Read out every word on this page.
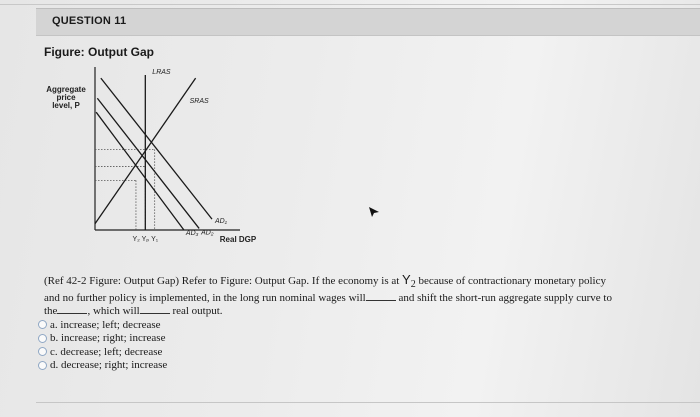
QUESTION 11
Figure: Output Gap
LRAS
SRAS
AD₁
AD₂
AD₃
Aggregate
price
level, P
Y₂ Yₚ Y₁	Real DGP
(Ref 42-2 Figure: Output Gap) Refer to Figure: Output Gap. If the economy is at $Y_2$ because of contractionary monetary policy
and no further policy is implemented, in the long run nominal wages will	and shift the short-run aggregate supply curve to
the	, which will	real output.
a. increase; left; decrease
b. increase; right; increase
c. decrease; left; decrease
d. decrease; right; increase
